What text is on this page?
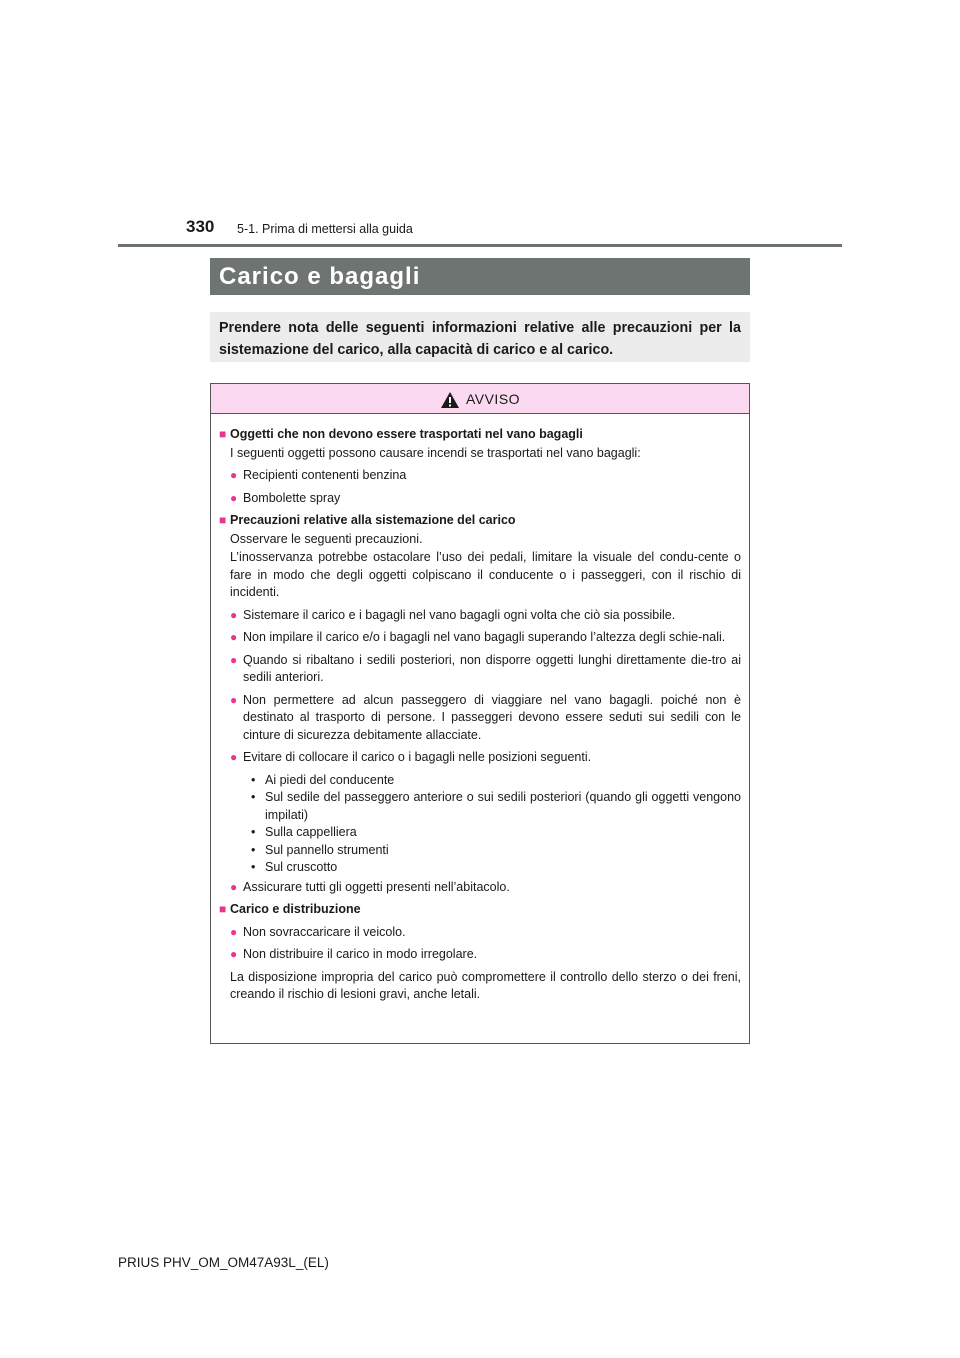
330 5-1. Prima di mettersi alla guida
Carico e bagagli
Prendere nota delle seguenti informazioni relative alle precauzioni per la sistemazione del carico, alla capacità di carico e al carico.
AVVISO
■ Oggetti che non devono essere trasportati nel vano bagagli

I seguenti oggetti possono causare incendi se trasportati nel vano bagagli:

● Recipienti contenenti benzina
● Bombolette spray
■ Precauzioni relative alla sistemazione del carico

Osservare le seguenti precauzioni.

L’inosservanza potrebbe ostacolare l’uso dei pedali, limitare la visuale del condu-cente o fare in modo che degli oggetti colpiscano il conducente o i passeggeri, con il rischio di incidenti.

● Sistemare il carico e i bagagli nel vano bagagli ogni volta che ciò sia possibile.
● Non impilare il carico e/o i bagagli nel vano bagagli superando l’altezza degli schie-nali.
● Quando si ribaltano i sedili posteriori, non disporre oggetti lunghi direttamente die-tro ai sedili anteriori.
● Non permettere ad alcun passeggero di viaggiare nel vano bagagli. poiché non è destinato al trasporto di persone. I passeggeri devono essere seduti sui sedili con le cinture di sicurezza debitamente allacciate.
● Evitare di collocare il carico o i bagagli nelle posizioni seguenti.
• Ai piedi del conducente
• Sul sedile del passeggero anteriore o sui sedili posteriori (quando gli oggetti vengono impilati)
• Sulla cappelliera
• Sul pannello strumenti
• Sul cruscotto
● Assicurare tutti gli oggetti presenti nell’abitacolo.
■ Carico e distribuzione
● Non sovraccaricare il veicolo.
● Non distribuire il carico in modo irregolare.

La disposizione impropria del carico può compromettere il controllo dello sterzo o dei freni, creando il rischio di lesioni gravi, anche letali.

PRIUS PHV_OM_OM47A93L_(EL)
